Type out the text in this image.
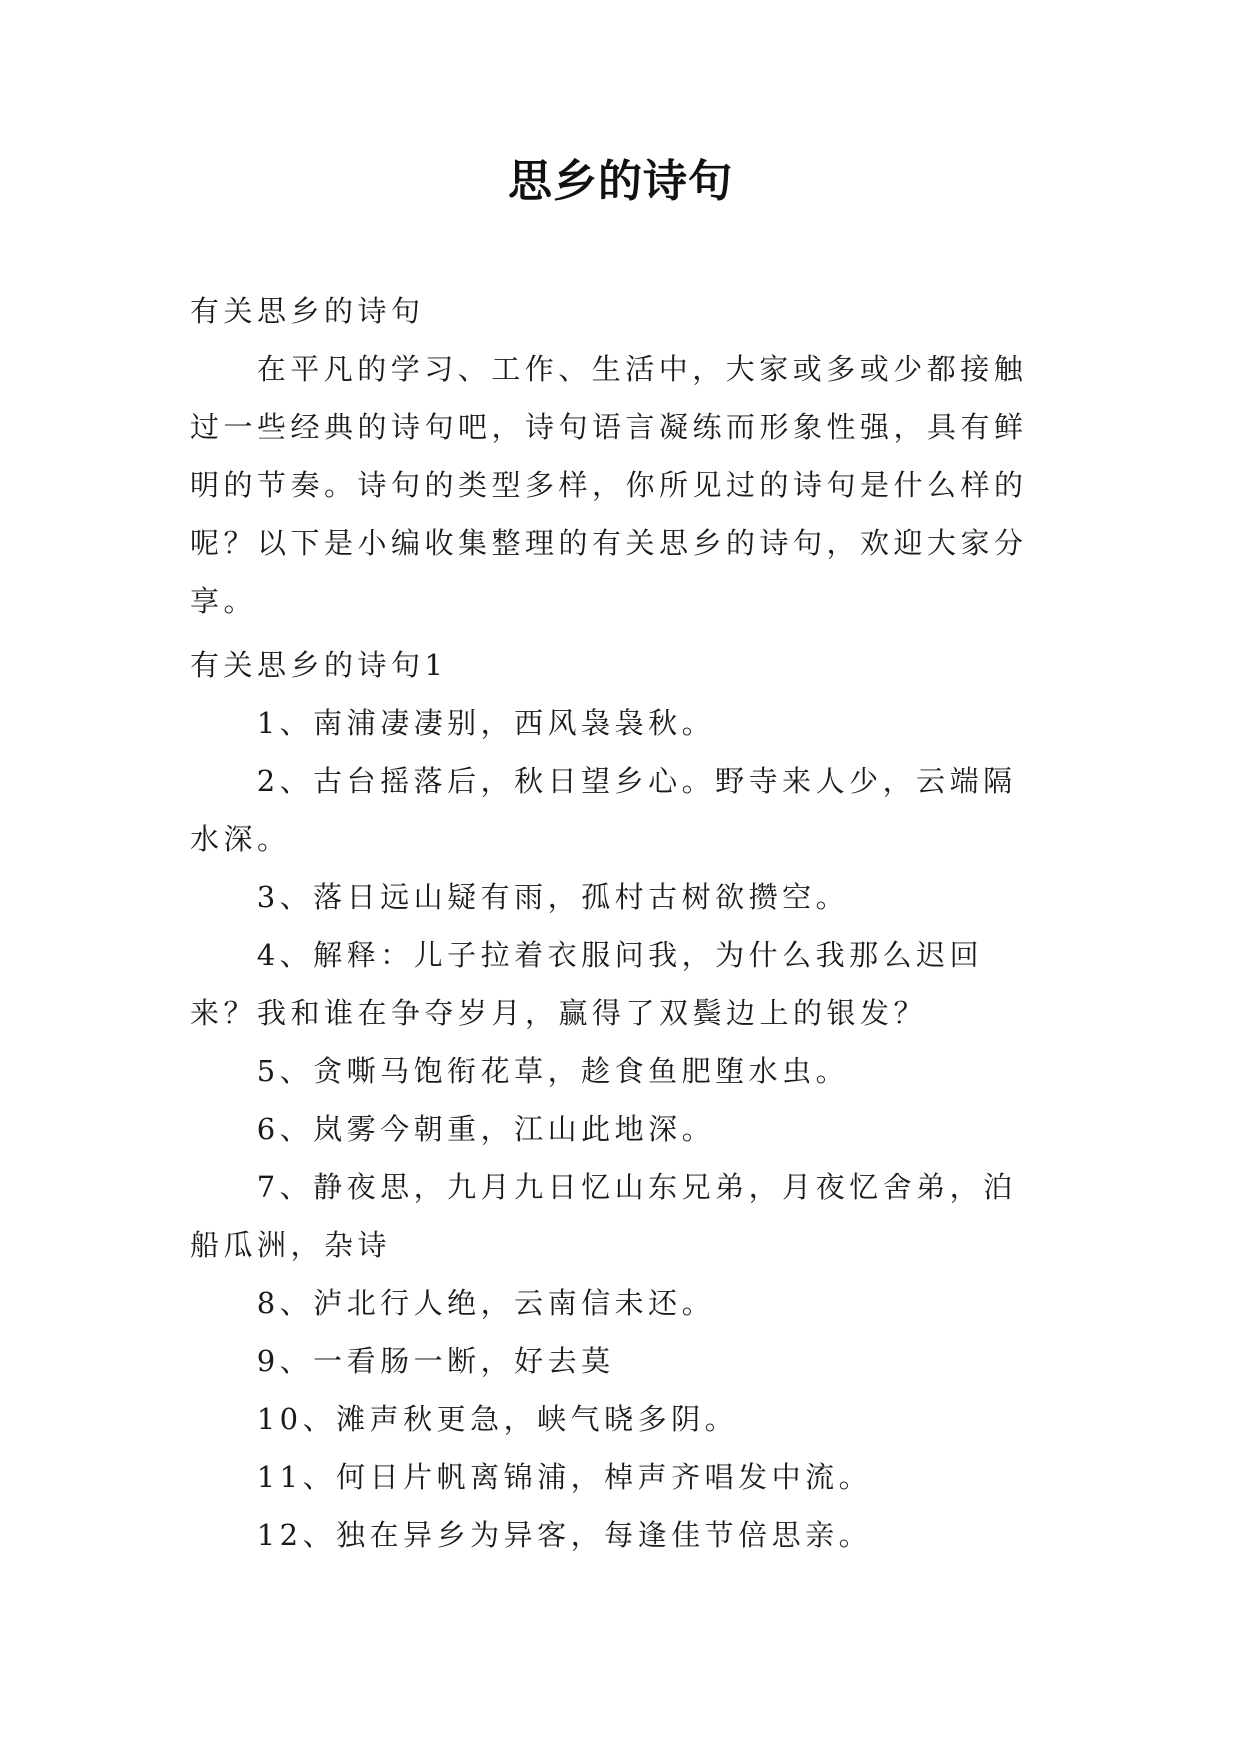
思乡的诗句

有关思乡的诗句

在平凡的学习、工作、生活中，大家或多或少都接触过一些经典的诗句吧，诗句语言凝练而形象性强，具有鲜明的节奏。诗句的类型多样，你所见过的诗句是什么样的呢？以下是小编收集整理的有关思乡的诗句，欢迎大家分享。

有关思乡的诗句1

1、南浦凄凄别，西风袅袅秋。
2、古台摇落后，秋日望乡心。野寺来人少，云端隔水深。
3、落日远山疑有雨，孤村古树欲攒空。
4、解释：儿子拉着衣服问我，为什么我那么迟回来？我和谁在争夺岁月，赢得了双鬓边上的银发？
5、贪嘶马饱衔花草，趁食鱼肥堕水虫。
6、岚雾今朝重，江山此地深。
7、静夜思，九月九日忆山东兄弟，月夜忆舍弟，泊船瓜洲，杂诗
8、泸北行人绝，云南信未还。
9、一看肠一断，好去莫
10、滩声秋更急，峡气晓多阴。
11、何日片帆离锦浦，棹声齐唱发中流。
12、独在异乡为异客，每逢佳节倍思亲。
